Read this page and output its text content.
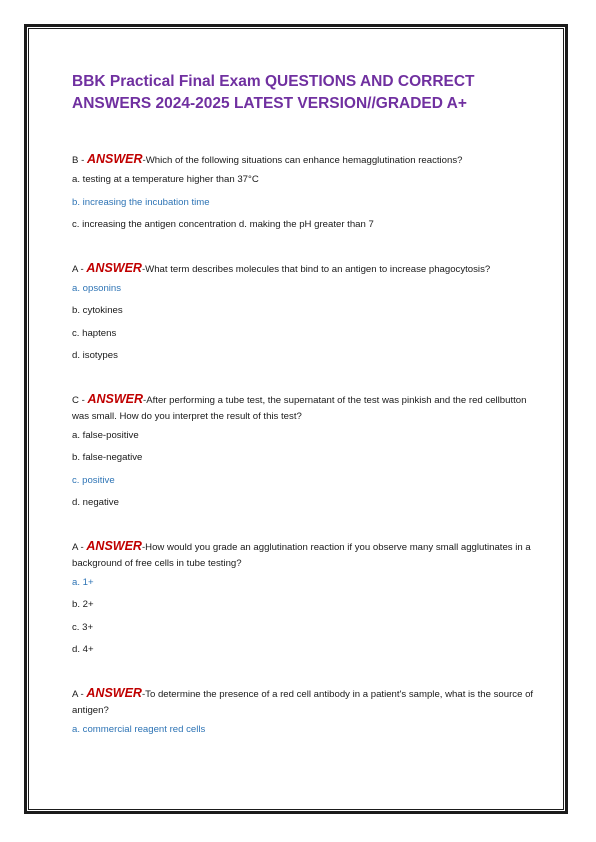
BBK Practical Final Exam QUESTIONS AND CORRECT
ANSWERS 2024-2025 LATEST VERSION//GRADED A+

B - ANSWER-Which of the following situations can enhance hemagglutination reactions?

a. testing at a temperature higher than 37°C

b. increasing the incubation time

c. increasing the antigen concentration d. making the pH greater than 7

A - ANSWER-What term describes molecules that bind to an antigen to increase phagocytosis?

a. opsonins

b. cytokines

c. haptens

d. isotypes

C - ANSWER-After performing a tube test, the supernatant of the test was pinkish and the red cellbutton was small. How do you interpret the result of this test?

a. false-positive

b. false-negative

c. positive

d. negative

A - ANSWER-How would you grade an agglutination reaction if you observe many small agglutinates in a background of free cells in tube testing?

a. 1+

b. 2+

c. 3+

d. 4+

A - ANSWER-To determine the presence of a red cell antibody in a patient's sample, what is the source of antigen?

a. commercial reagent red cells
